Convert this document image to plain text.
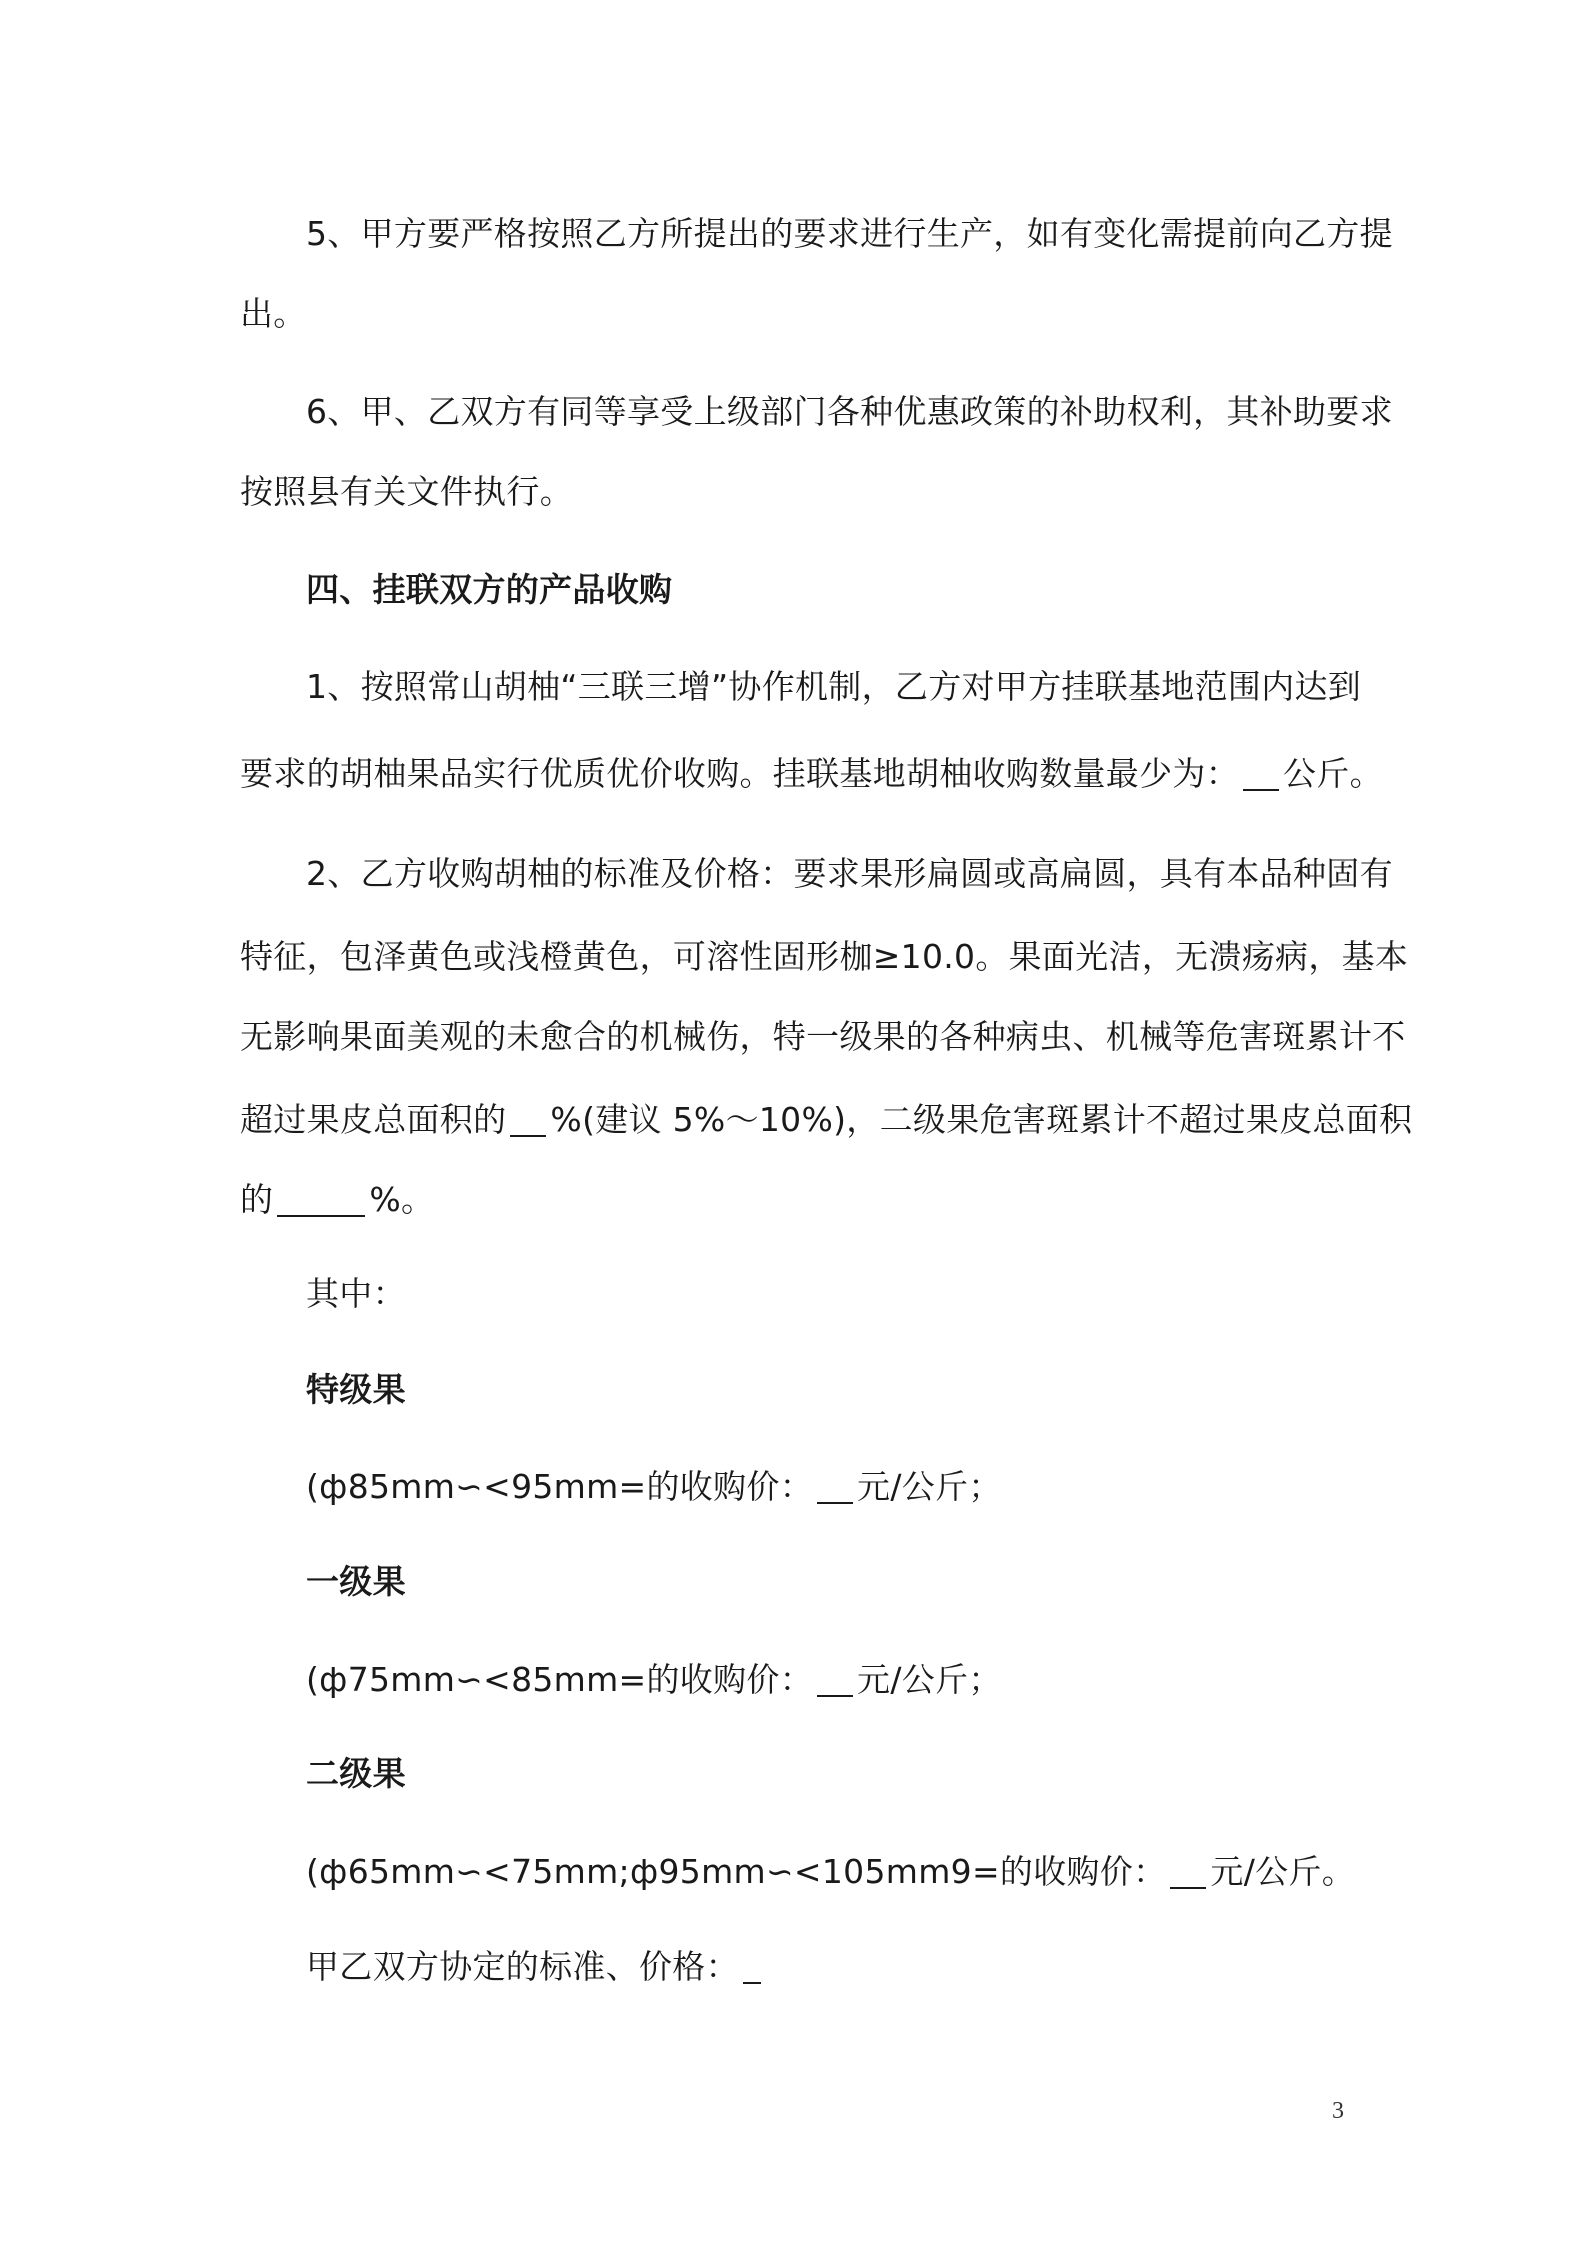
5、甲方要严格按照乙方所提出的要求进行生产，如有变化需提前向乙方提
出。
6、甲、乙双方有同等享受上级部门各种优惠政策的补助权利，其补助要求
按照县有关文件执行。
四、挂联双方的产品收购
1、按照常山胡柚“三联三增”协作机制，乙方对甲方挂联基地范围内达到
要求的胡柚果品实行优质优价收购。挂联基地胡柚收购数量最少为： 公斤。
2、乙方收购胡柚的标准及价格：要求果形扁圆或高扁圆，具有本品种固有
特征，包泽黄色或浅橙黄色，可溶性固形枷≥10.0。果面光洁，无溃疡病，基本
无影响果面美观的未愈合的机械伤，特一级果的各种病虫、机械等危害斑累计不
超过果皮总面积的 %(建议 5%～10%)，二级果危害斑累计不超过果皮总面积
的	%。
其中：
特级果
(ф85mm∽<95mm=的收购价： 元/公斤；
一级果
(ф75mm∽<85mm=的收购价： 元/公斤；
二级果
(ф65mm∽<75mm;ф95mm∽<105mm9=的收购价： 元/公斤。
甲乙双方协定的标准、价格：
3
